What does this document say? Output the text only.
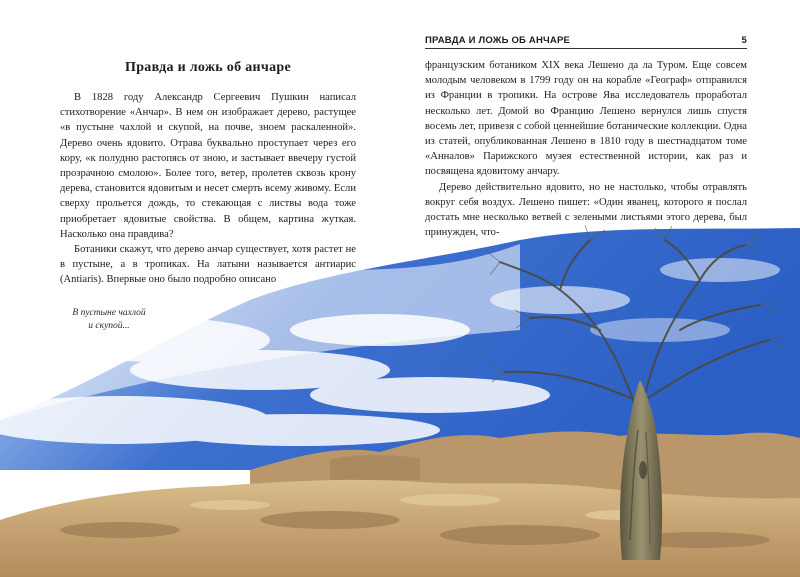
Правда и ложь об анчаре

В 1828 году Александр Сергеевич Пушкин написал стихотворение «Анчар». В нем он изображает дерево, растущее «в пустыне чахлой и скупой, на почве, зноем раскаленной». Дерево очень ядовито. Отрава буквально проступает через его кору, «к полудню растопясь от зною, и застывает ввечеру густой прозрачною смолою». Более того, ветер, пролетев сквозь крону дерева, становится ядовитым и несет смерть всему живому. Если сверху прольется дождь, то стекающая с листвы вода тоже приобретает ядовитые свойства. В общем, картина жуткая. Насколько она правдива?

Ботаники скажут, что дерево анчар существует, хотя растет не в пустыне, а в тропиках. На латыни называется антиарис (Antiaris). Впервые оно было подробно описано

ПРАВДА И ЛОЖЬ ОБ АНЧАРЕ	5

французским ботаником XIX века Лешено да ла Туром. Еще совсем молодым человеком в 1799 году он на корабле «Географ» отправился из Франции в тропики. На острове Ява исследователь проработал несколько лет. Домой во Францию Лешено вернулся лишь спустя восемь лет, привезя с собой ценнейшие ботанические коллекции. Одна из статей, опубликованная Лешено в 1810 году в шестнадцатом томе «Анналов» Парижского музея естественной истории, как раз и посвящена ядовитому анчару.

Дерево действительно ядовито, но не настолько, чтобы отравлять вокруг себя воздух. Лешено пишет: «Один яванец, которого я послал достать мне несколько ветвей с зелеными листьями этого дерева, был принужден, что-

В пустыне чахлой
и скупой...
